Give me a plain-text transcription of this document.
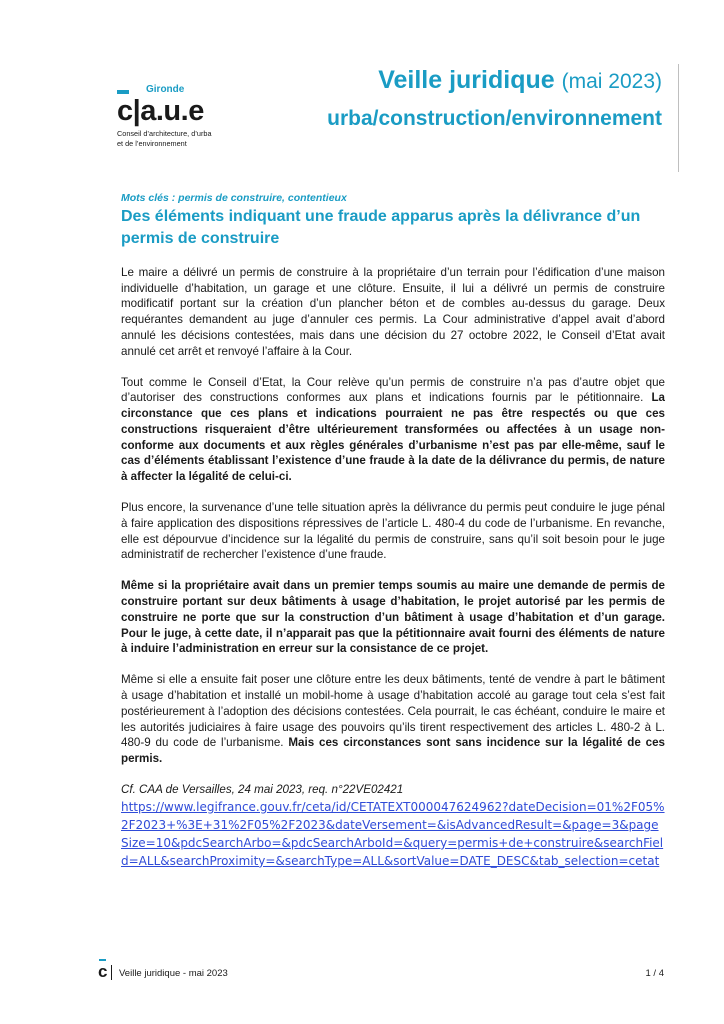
Gironde
c|a.u.e
Conseil d’architecture, d’urba
et de l’environnement
Veille juridique (mai 2023)
urba/construction/environnement
Mots clés : permis de construire, contentieux
Des éléments indiquant une fraude apparus après la délivrance d’un permis de construire

Le maire a délivré un permis de construire à la propriétaire d’un terrain pour l’édification d’une maison individuelle d’habitation, un garage et une clôture. Ensuite, il lui a délivré un permis de construire modificatif portant sur la création d’un plancher béton et de combles au-dessus du garage. Deux requérantes demandent au juge d’annuler ces permis. La Cour administrative d’appel avait d’abord annulé les décisions contestées, mais dans une décision du 27 octobre 2022, le Conseil d’Etat avait annulé cet arrêt et renvoyé l’affaire à la Cour.

Tout comme le Conseil d’Etat, la Cour relève qu’un permis de construire n’a pas d’autre objet que d’autoriser des constructions conformes aux plans et indications fournis par le pétitionnaire. La circonstance que ces plans et indications pourraient ne pas être respectés ou que ces constructions risqueraient d’être ultérieurement transformées ou affectées à un usage non-conforme aux documents et aux règles générales d’urbanisme n’est pas par elle-même, sauf le cas d’éléments établissant l’existence d’une fraude à la date de la délivrance du permis, de nature à affecter la légalité de celui-ci.

Plus encore, la survenance d’une telle situation après la délivrance du permis peut conduire le juge pénal à faire application des dispositions répressives de l’article L. 480-4 du code de l’urbanisme. En revanche, elle est dépourvue d’incidence sur la légalité du permis de construire, sans qu’il soit besoin pour le juge administratif de rechercher l’existence d’une fraude.

Même si la propriétaire avait dans un premier temps soumis au maire une demande de permis de construire portant sur deux bâtiments à usage d’habitation, le projet autorisé par les permis de construire ne porte que sur la construction d’un bâtiment à usage d’habitation et d’un garage. Pour le juge, à cette date, il n’apparait pas que la pétitionnaire avait fourni des éléments de nature à induire l’administration en erreur sur la consistance de ce projet.

Même si elle a ensuite fait poser une clôture entre les deux bâtiments, tenté de vendre à part le bâtiment à usage d’habitation et installé un mobil-home à usage d’habitation accolé au garage tout cela s’est fait postérieurement à l’adoption des décisions contestées. Cela pourrait, le cas échéant, conduire le maire et les autorités judiciaires à faire usage des pouvoirs qu’ils tirent respectivement des articles L. 480-2 à L. 480-9 du code de l’urbanisme. Mais ces circonstances sont sans incidence sur la légalité de ces permis.

Cf. CAA de Versailles, 24 mai 2023, req. n°22VE02421

https://www.legifrance.gouv.fr/ceta/id/CETATEXT000047624962?dateDecision=01%2F05%2F2023+%3E+31%2F05%2F2023&dateVersement=&isAdvancedResult=&page=3&pageSize=10&pdcSearchArbo=&pdcSearchArboId=&query=permis+de+construire&searchField=ALL&searchProximity=&searchType=ALL&sortValue=DATE_DESC&tab_selection=cetat
c Veille juridique - mai 2023	1 / 4
